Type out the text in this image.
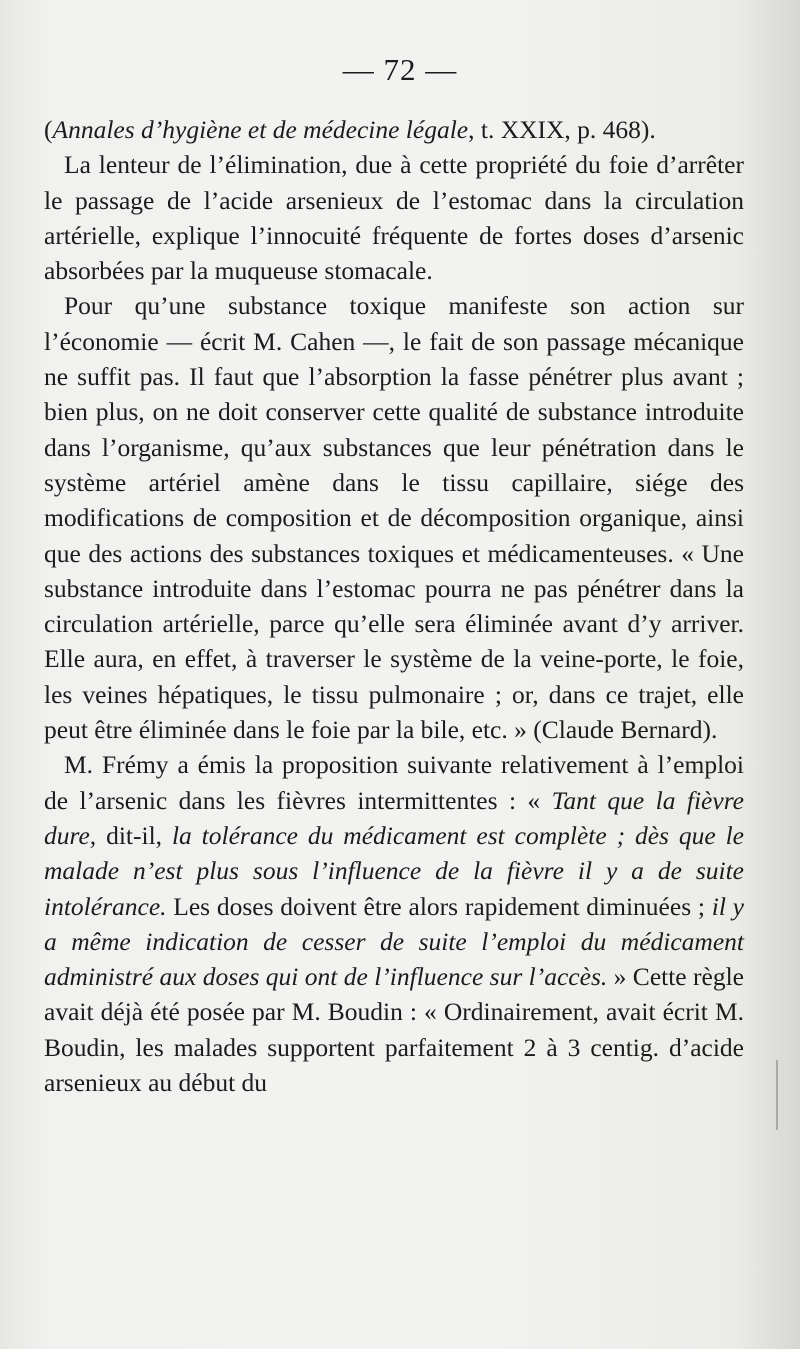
— 72 —

(Annales d’hygiène et de médecine légale, t. XXIX, p. 468).

La lenteur de l’élimination, due à cette propriété du foie d’arrêter le passage de l’acide arsenieux de l’estomac dans la circulation artérielle, explique l’innocuité fréquente de fortes doses d’arsenic absorbées par la muqueuse stomacale.

Pour qu’une substance toxique manifeste son action sur l’économie — écrit M. Cahen —, le fait de son passage mécanique ne suffit pas. Il faut que l’absorption la fasse pénétrer plus avant ; bien plus, on ne doit conserver cette qualité de substance introduite dans l’organisme, qu’aux substances que leur pénétration dans le système artériel amène dans le tissu capillaire, siége des modifications de composition et de décomposition organique, ainsi que des actions des substances toxiques et médicamenteuses. « Une substance introduite dans l’estomac pourra ne pas pénétrer dans la circulation artérielle, parce qu’elle sera éliminée avant d’y arriver. Elle aura, en effet, à traverser le système de la veine-porte, le foie, les veines hépatiques, le tissu pulmonaire ; or, dans ce trajet, elle peut être éliminée dans le foie par la bile, etc. » (Claude Bernard).

M. Frémy a émis la proposition suivante relativement à l’emploi de l’arsenic dans les fièvres intermittentes : « Tant que la fièvre dure, dit-il, la tolérance du médicament est complète ; dès que le malade n’est plus sous l’influence de la fièvre il y a de suite intolérance. Les doses doivent être alors rapidement diminuées ; il y a même indication de cesser de suite l’emploi du médicament administré aux doses qui ont de l’influence sur l’accès. » Cette règle avait déjà été posée par M. Boudin : « Ordinairement, avait écrit M. Boudin, les malades supportent parfaitement 2 à 3 centig. d’acide arsenieux au début du
